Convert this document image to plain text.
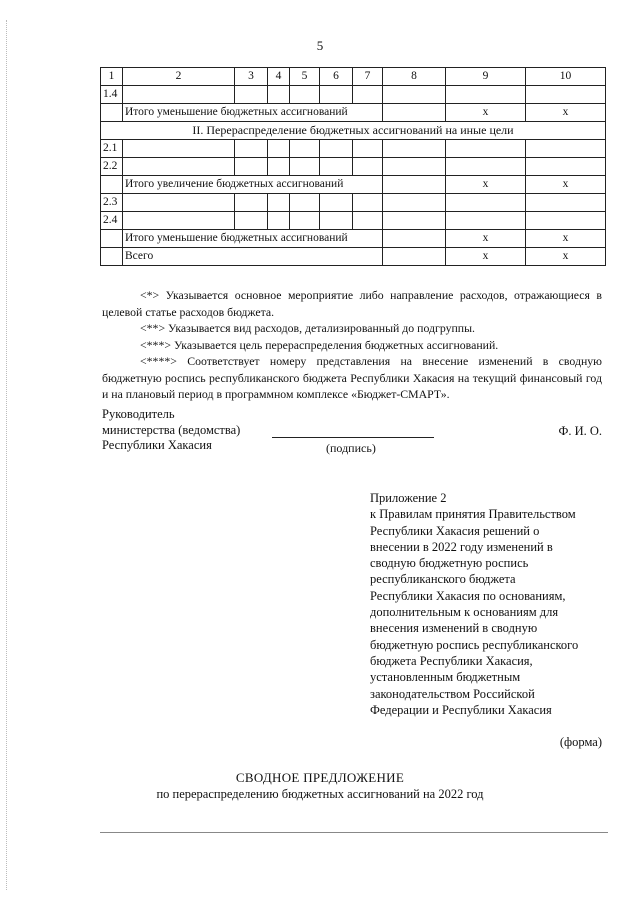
5
1	2	3	4	5	6	7	8	9	10
1.4									
	Итого уменьшение бюджетных ассигнований							x	x
II. Перераспределение бюджетных ассигнований на иные цели									
2.1									
2.2									
	Итого увеличение бюджетных ассигнований							x	x
2.3									
2.4									
	Итого уменьшение бюджетных ассигнований							x	x
	Всего							x	x

<*> Указывается основное мероприятие либо направление расходов, отражающиеся в целевой статье расходов бюджета.

<**> Указывается вид расходов, детализированный до подгруппы.

<***> Указывается цель перераспределения бюджетных ассигнований.

<****> Соответствует номеру представления на внесение изменений в сводную бюджетную роспись республиканского бюджета Республики Хакасия на текущий финансовый год и на плановый период в программном комплексе «Бюджет-СМАРТ».

Руководитель
министерства (ведомства)
Республики Хакасия	(подпись)
Ф. И. О.
Приложение 2
к Правилам принятия Правительством
Республики Хакасия решений о
внесении в 2022 году изменений в
сводную бюджетную роспись
республиканского бюджета
Республики Хакасия по основаниям,
дополнительным к основаниям для
внесения изменений в сводную
бюджетную роспись республиканского
бюджета Республики Хакасия,
установленным бюджетным
законодательством Российской
Федерации и Республики Хакасия
(форма)
СВОДНОЕ ПРЕДЛОЖЕНИЕ
по перераспределению бюджетных ассигнований на 2022 год
